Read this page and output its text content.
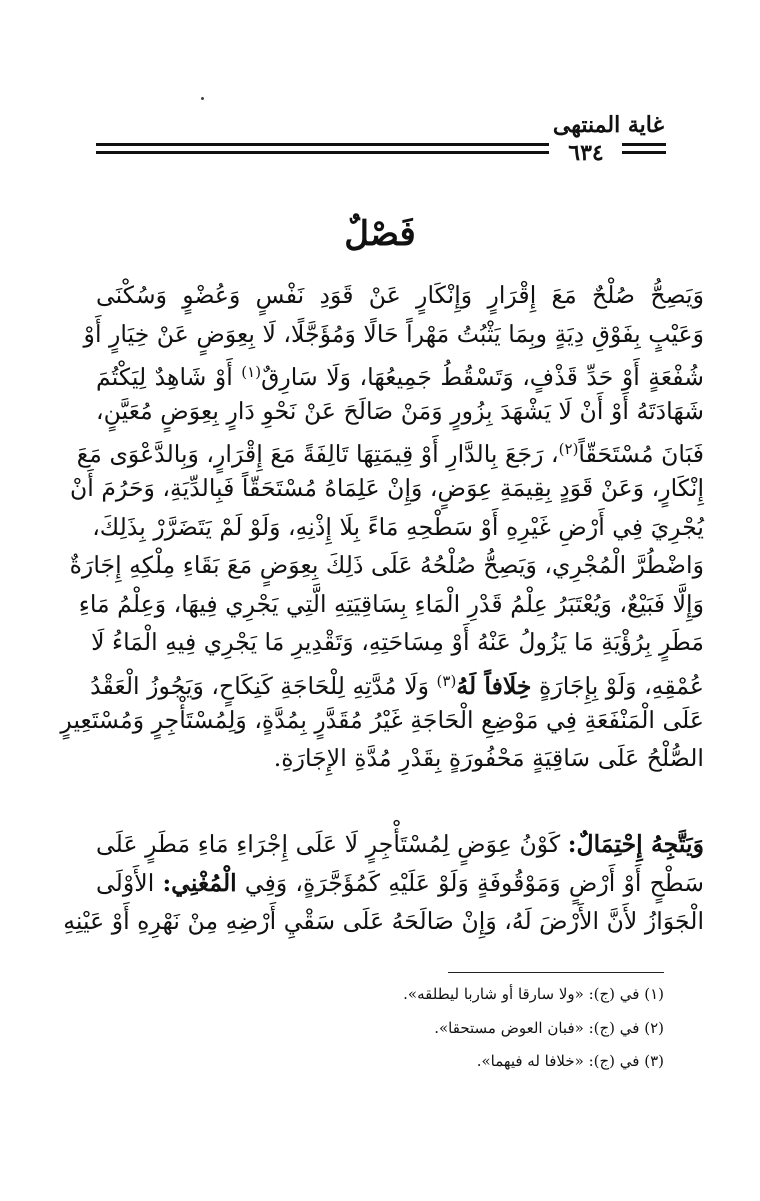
غاية المنتهى
٦٣٤
فَصْلٌ
وَيَصِحُّ صُلْحٌ مَعَ إِقْرَارٍ وَإِنْكَارٍ عَنْ قَوَدِ نَفْسٍ وَعُضْوٍ وَسُكْنَى
وَعَيْبٍ بِفَوْقِ دِيَةٍ وبِمَا يَثْبُتُ مَهْراً حَالًا وَمُؤَجَّلًا، لَا بِعِوَضٍ عَنْ خِيَارٍ أَوْ
شُفْعَةٍ أَوْ حَدِّ قَذْفٍ، وَتَسْقُطُ جَمِيعُهَا، وَلَا سَارِقٌ$^{(١)}$ أَوْ شَاهِدٌ لِيَكْتُمَ
شَهَادَتَهُ أَوْ أَنْ لَا يَشْهَدَ بِزُورٍ وَمَنْ صَالَحَ عَنْ نَحْوِ دَارٍ بِعِوَضٍ مُعَيَّنٍ،
فَبَانَ مُسْتَحَقّاً$^{(٢)}$، رَجَعَ بِالدَّارِ أَوْ قِيمَتِهَا تَالِفَةً مَعَ إِقْرَارٍ، وَبِالدَّعْوَى مَعَ
إِنْكَارٍ، وَعَنْ قَوَدٍ بِقِيمَةِ عِوَضٍ، وَإِنْ عَلِمَاهُ مُسْتَحَقّاً فَبِالدِّيَةِ، وَحَرُمَ أَنْ
يُجْرِيَ فِي أَرْضِ غَيْرِهِ أَوْ سَطْحِهِ مَاءً بِلَا إِذْنِهِ، وَلَوْ لَمْ يَتَضَرَّرْ بِذَلِكَ،
وَاضْطُرَّ الْمُجْرِي، وَيَصِحُّ صُلْحُهُ عَلَى ذَلِكَ بِعِوَضٍ مَعَ بَقَاءِ مِلْكِهِ إِجَارَةٌ
وَإِلَّا فَبَيْعٌ، وَيُعْتَبَرُ عِلْمُ قَدْرِ الْمَاءِ بِسَاقِيَتِهِ الَّتِي يَجْرِي فِيهَا، وَعِلْمُ مَاءِ
مَطَرٍ بِرُؤْيَةِ مَا يَزُولُ عَنْهُ أَوْ مِسَاحَتِهِ، وَتَقْدِيرِ مَا يَجْرِي فِيهِ الْمَاءُ لَا
عُمْقِهِ، وَلَوْ بِإِجَارَةٍ خِلَافاً لَهُ$^{(٣)}$ وَلَا مُدَّتِهِ لِلْحَاجَةِ كَنِكَاحٍ، وَيَجُوزُ الْعَقْدُ
عَلَى الْمَنْفَعَةِ فِي مَوْضِعِ الْحَاجَةِ غَيْرُ مُقَدَّرٍ بِمُدَّةٍ، وَلِمُسْتَأْجِرٍ وَمُسْتَعِيرٍ
الصُّلْحُ عَلَى سَاقِيَةٍ مَحْفُورَةٍ بِقَدْرِ مُدَّةِ الإِجَارَةِ.
وَيَتَّجِهُ إِحْتِمَالٌ: كَوْنُ عِوَضٍ لِمُسْتَأْجِرٍ لَا عَلَى إِجْرَاءِ مَاءِ مَطَرٍ عَلَى
سَطْحٍ أَوْ أَرْضٍ وَمَوْقُوفَةٍ وَلَوْ عَلَيْهِ كَمُؤَجَّرَةٍ، وَفِي الْمُغْنِي: الأَوْلَى
الْجَوَازُ لأَنَّ الأَرْضَ لَهُ، وَإِنْ صَالَحَهُ عَلَى سَقْيِ أَرْضِهِ مِنْ نَهْرِهِ أَوْ عَيْنِهِ
(١) في (ج): «ولا سارقا أو شاربا ليطلقه».
(٢) في (ج): «فبان العوض مستحقا».
(٣) في (ج): «خلافا له فيهما».
